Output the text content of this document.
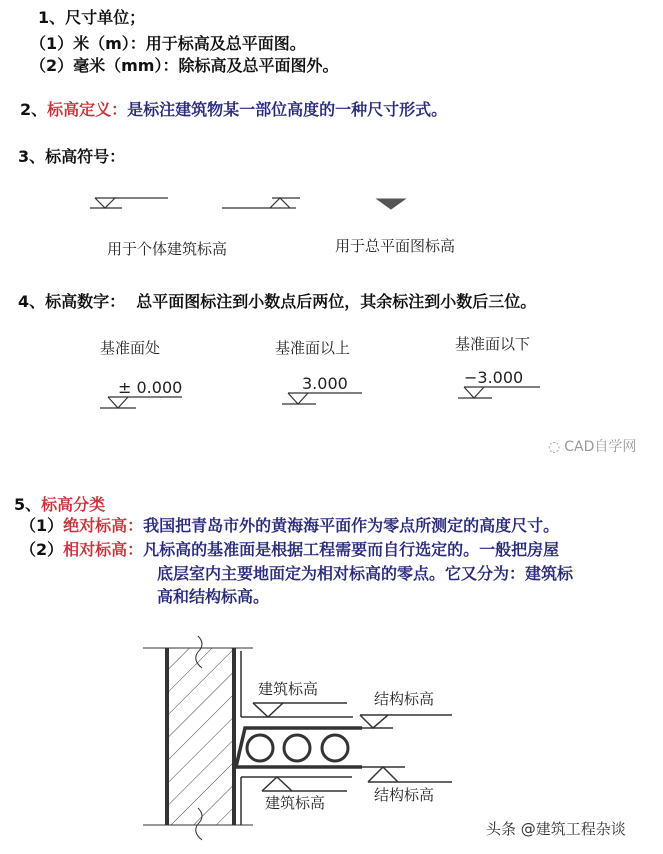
1、尺寸单位；
（1）米（m）：用于标高及总平面图。
（2）毫米（mm）：除标高及总平面图外。
2、标高定义：是标注建筑物某一部位高度的一种尺寸形式。
3、标高符号：
用于个体建筑标高	用于总平面图标高
4、标高数字： 总平面图标注到小数点后两位，其余标注到小数后三位。
基准面处	基准面以上	基准面以下
± 0.000	3.000	−3.000
◌ CAD自学网
5、标高分类
（1）绝对标高：我国把青岛市外的黄海海平面作为零点所测定的高度尺寸。
（2）相对标高：凡标高的基准面是根据工程需要而自行选定的。一般把房屋
底层室内主要地面定为相对标高的零点。它又分为：建筑标
高和结构标高。
建筑标高
结构标高
建筑标高	结构标高
头条 @建筑工程杂谈
